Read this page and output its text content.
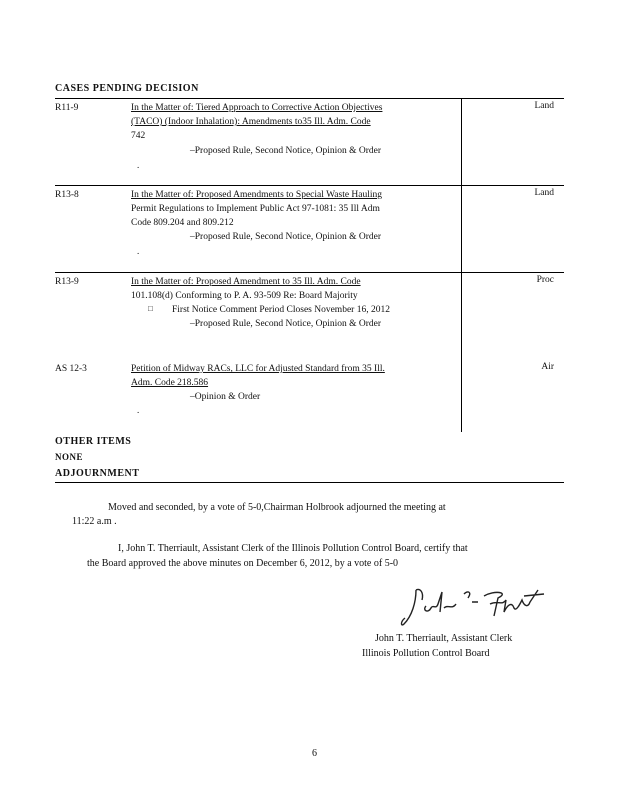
CASES PENDING DECISION
R11-9	In the Matter of: Tiered Approach to Corrective Action Objectives
(TACO) (Indoor Inhalation): Amendments to35 Ill. Adm. Code
742
–Proposed Rule, Second Notice, Opinion & Order
.
Land
R13-8	In the Matter of: Proposed Amendments to Special Waste Hauling
Permit Regulations to Implement Public Act 97-1081: 35 Ill Adm
Code 809.204 and 809.212
–Proposed Rule, Second Notice, Opinion & Order
.
Land
R13-9	In the Matter of: Proposed Amendment to 35 Ill. Adm. Code
101.108(d) Conforming to P. A. 93-509 Re: Board Majority
□ First Notice Comment Period Closes November 16, 2012
–Proposed Rule, Second Notice, Opinion & Order
Proc
AS 12-3	Petition of Midway RACs, LLC for Adjusted Standard from 35 Ill.
Adm. Code 218.586
–Opinion & Order
.
Air
OTHER ITEMS
NONE
ADJOURNMENT
Moved and seconded, by a vote of 5-0,Chairman Holbrook adjourned the meeting at
11:22 a.m .
I, John T. Therriault, Assistant Clerk of the Illinois Pollution Control Board, certify that
the Board approved the above minutes on December 6, 2012, by a vote of 5-0
John T. Therriault, Assistant Clerk
Illinois Pollution Control Board
6
